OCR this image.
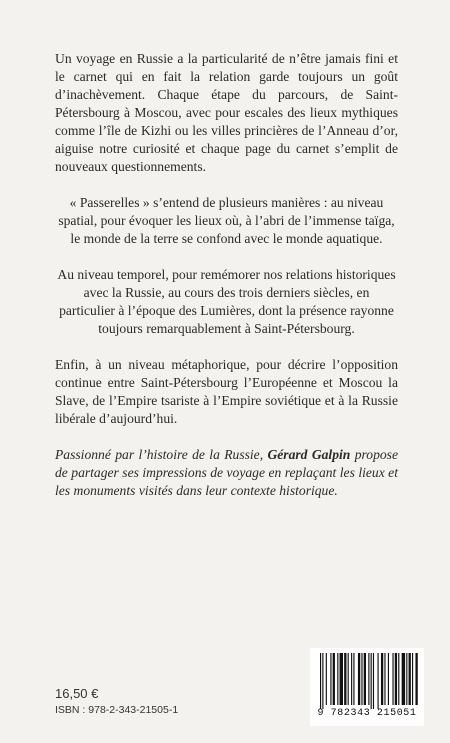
Un voyage en Russie a la particularité de n’être jamais fini et le carnet qui en fait la relation garde toujours un goût d’inachèvement. Chaque étape du parcours, de Saint-Pétersbourg à Moscou, avec pour escales des lieux mythiques comme l’île de Kizhi ou les villes princières de l’Anneau d’or, aiguise notre curiosité et chaque page du carnet s’emplit de nouveaux questionnements.

« Passerelles » s’entend de plusieurs manières : au niveau spatial, pour évoquer les lieux où, à l’abri de l’immense taïga, le monde de la terre se confond avec le monde aquatique.

Au niveau temporel, pour remémorer nos relations historiques avec la Russie, au cours des trois derniers siècles, en particulier à l’époque des Lumières, dont la présence rayonne toujours remarquablement à Saint-Pétersbourg.

Enfin, à un niveau métaphorique, pour décrire l’opposition continue entre Saint-Pétersbourg l’Européenne et Moscou la Slave, de l’Empire tsariste à l’Empire soviétique et à la Russie libérale d’aujourd’hui.

Passionné par l’histoire de la Russie, Gérard Galpin propose de partager ses impressions de voyage en replaçant les lieux et les monuments visités dans leur contexte historique.

16,50 €
ISBN : 978-2-343-21505-1	9 782343 215051
